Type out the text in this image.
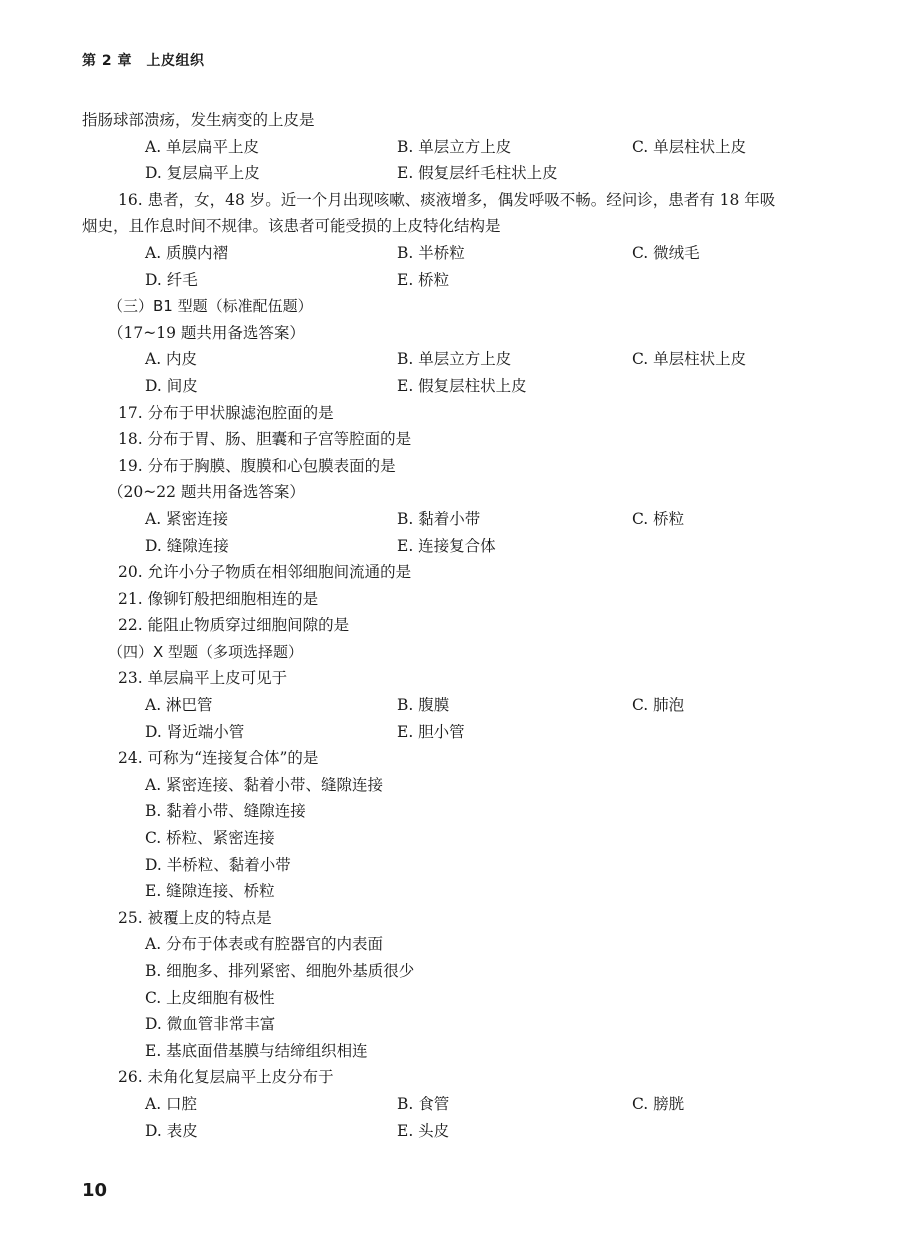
第 2 章　上皮组织
指肠球部溃疡，发生病变的上皮是
A. 单层扁平上皮	B. 单层立方上皮	C. 单层柱状上皮
D. 复层扁平上皮	E. 假复层纤毛柱状上皮
16. 患者，女，48 岁。近一个月出现咳嗽、痰液增多，偶发呼吸不畅。经问诊，患者有 18 年吸
烟史，且作息时间不规律。该患者可能受损的上皮特化结构是
A. 质膜内褶	B. 半桥粒	C. 微绒毛
D. 纤毛	E. 桥粒
（三）B1 型题（标准配伍题）
（17~19 题共用备选答案）
A. 内皮	B. 单层立方上皮	C. 单层柱状上皮
D. 间皮	E. 假复层柱状上皮
17. 分布于甲状腺滤泡腔面的是
18. 分布于胃、肠、胆囊和子宫等腔面的是
19. 分布于胸膜、腹膜和心包膜表面的是
（20~22 题共用备选答案）
A. 紧密连接	B. 黏着小带	C. 桥粒
D. 缝隙连接	E. 连接复合体
20. 允许小分子物质在相邻细胞间流通的是
21. 像铆钉般把细胞相连的是
22. 能阻止物质穿过细胞间隙的是
（四）X 型题（多项选择题）
23. 单层扁平上皮可见于
A. 淋巴管	B. 腹膜	C. 肺泡
D. 肾近端小管	E. 胆小管
24. 可称为“连接复合体”的是
A. 紧密连接、黏着小带、缝隙连接
B. 黏着小带、缝隙连接
C. 桥粒、紧密连接
D. 半桥粒、黏着小带
E. 缝隙连接、桥粒
25. 被覆上皮的特点是
A. 分布于体表或有腔器官的内表面
B. 细胞多、排列紧密、细胞外基质很少
C. 上皮细胞有极性
D. 微血管非常丰富
E. 基底面借基膜与结缔组织相连
26. 未角化复层扁平上皮分布于
A. 口腔	B. 食管	C. 膀胱
D. 表皮	E. 头皮
10
